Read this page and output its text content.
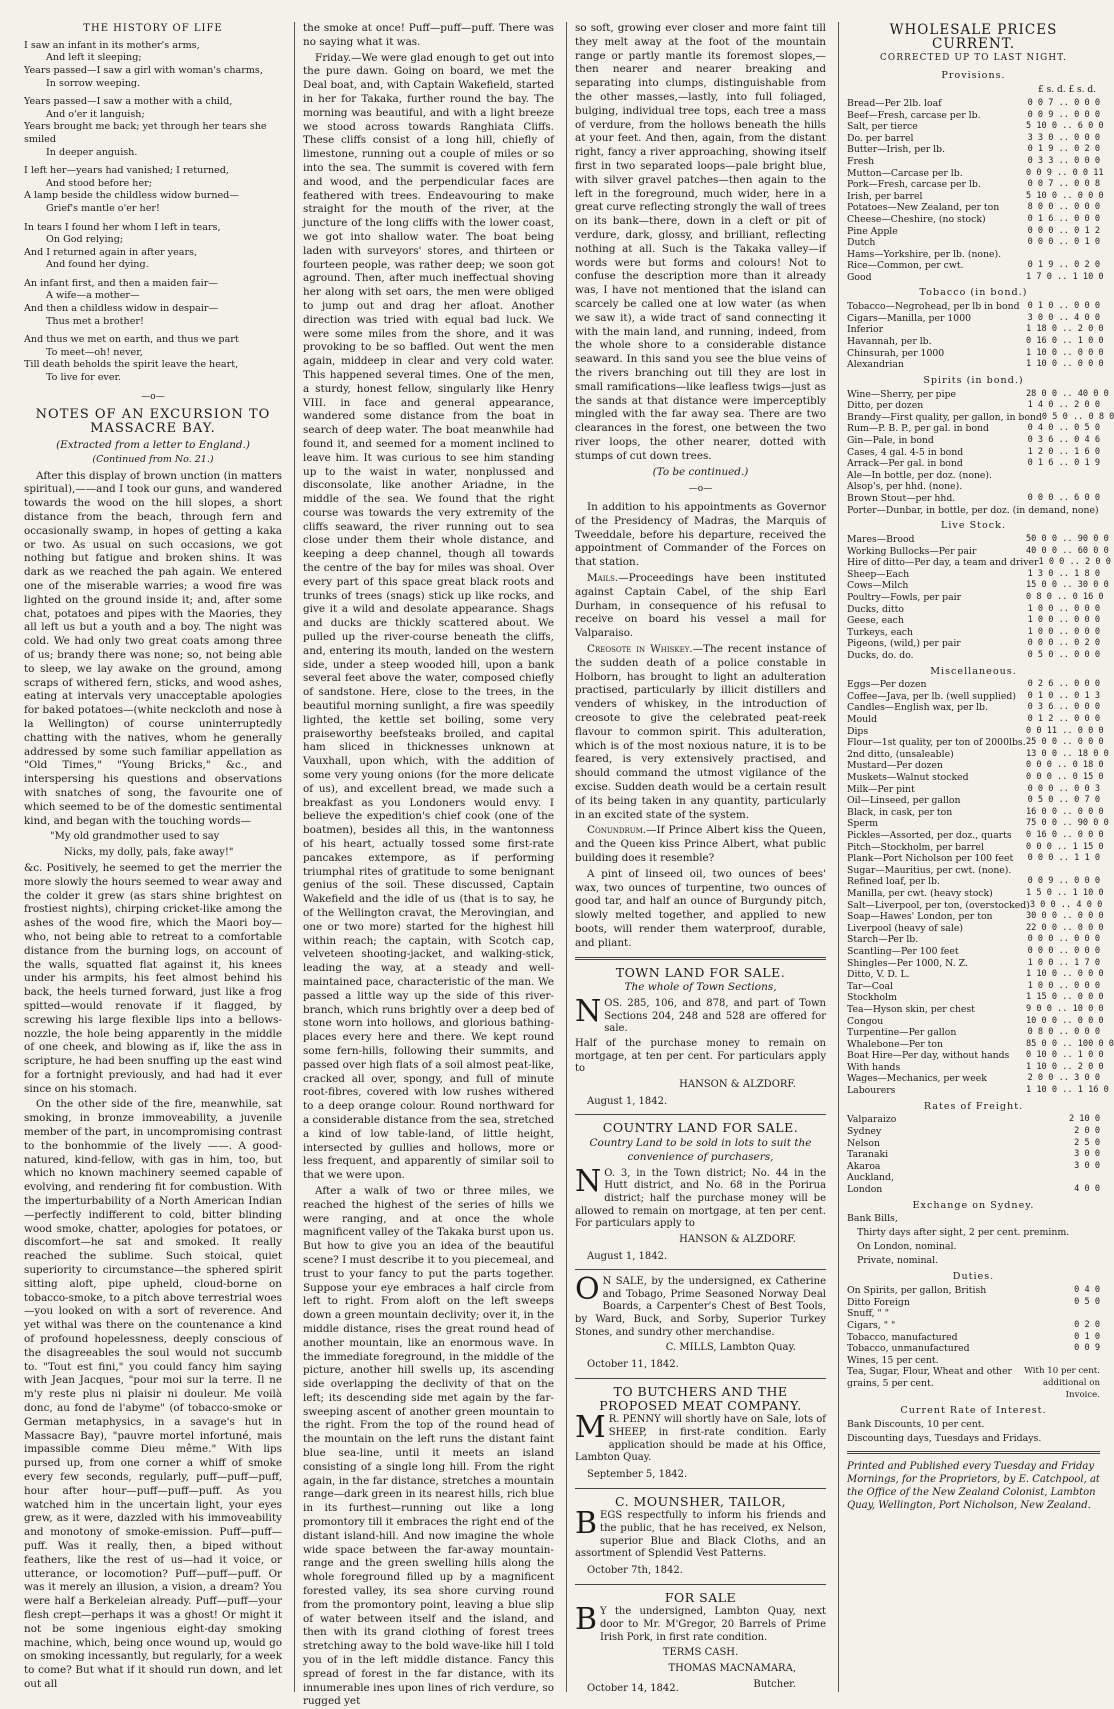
THE HISTORY OF LIFE

I saw an infant in its mother's arms,

And left it sleeping;

Years passed—I saw a girl with woman's charms,

In sorrow weeping.

Years passed—I saw a mother with a child,

And o'er it languish;

Years brought me back; yet through her tears she smiled

In deeper anguish.

I left her—years had vanished; I returned,

And stood before her;

A lamp beside the childless widow burned—

Grief's mantle o'er her!

In tears I found her whom I left in tears,

On God relying;

And I returned again in after years,

And found her dying.

An infant first, and then a maiden fair—

A wife—a mother—

And then a childless widow in despair—

Thus met a brother!

And thus we met on earth, and thus we part

To meet—oh! never,

Till death beholds the spirit leave the heart,

To live for ever.

—o—
NOTES OF AN EXCURSION TO MASSACRE BAY.
(Extracted from a letter to England.)
(Continued from No. 21.)

After this display of brown unction (in matters spiritual),——and I took our guns, and wandered towards the wood on the hill slopes, a short distance from the beach, through fern and occasionally swamp, in hopes of getting a kaka or two. As usual on such occasions, we got nothing but fatigue and broken shins. It was dark as we reached the pah again. We entered one of the miserable warries; a wood fire was lighted on the ground inside it; and, after some chat, potatoes and pipes with the Maories, they all left us but a youth and a boy. The night was cold. We had only two great coats among three of us; brandy there was none; so, not being able to sleep, we lay awake on the ground, among scraps of withered fern, sticks, and wood ashes, eating at intervals very unacceptable apologies for baked potatoes—(white neckcloth and nose à la Wellington) of course uninterruptedly chatting with the natives, whom he generally addressed by some such familiar appellation as "Old Times," "Young Bricks," &c., and interspersing his questions and observations with snatches of song, the favourite one of which seemed to be of the domestic sentimental kind, and began with the touching words—

"My old grandmother used to say

Nicks, my dolly, pals, fake away!"

&c. Positively, he seemed to get the merrier the more slowly the hours seemed to wear away and the colder it grew (as stars shine brightest on frostiest nights), chirping cricket-like among the ashes of the wood fire, which the Maori boy—who, not being able to retreat to a comfortable distance from the burning logs, on account of the walls, squatted flat against it, his knees under his armpits, his feet almost behind his back, the heels turned forward, just like a frog spitted—would renovate if it flagged, by screwing his large flexible lips into a bellows-nozzle, the hole being apparently in the middle of one cheek, and blowing as if, like the ass in scripture, he had been snuffing up the east wind for a fortnight previously, and had had it ever since on his stomach.

On the other side of the fire, meanwhile, sat smoking, in bronze immoveability, a juvenile member of the part, in uncompromising contrast to the bonhommie of the lively ——. A good-natured, kind-fellow, with gas in him, too, but which no known machinery seemed capable of evolving, and rendering fit for combustion. With the imperturbability of a North American Indian—perfectly indifferent to cold, bitter blinding wood smoke, chatter, apologies for potatoes, or discomfort—he sat and smoked. It really reached the sublime. Such stoical, quiet superiority to circumstance—the sphered spirit sitting aloft, pipe upheld, cloud-borne on tobacco-smoke, to a pitch above terrestrial woes—you looked on with a sort of reverence. And yet withal was there on the countenance a kind of profound hopelessness, deeply conscious of the disagreeables the soul would not succumb to. "Tout est fini," you could fancy him saying with Jean Jacques, "pour moi sur la terre. Il ne m'y reste plus ni plaisir ni douleur. Me voilà donc, au fond de l'abyme" (of tobacco-smoke or German metaphysics, in a savage's hut in Massacre Bay), "pauvre mortel infortuné, mais impassible comme Dieu même." With lips pursed up, from one corner a whiff of smoke every few seconds, regularly, puff—puff—puff, hour after hour—puff—puff—puff. As you watched him in the uncertain light, your eyes grew, as it were, dazzled with his immoveability and monotony of smoke-emission. Puff—puff—puff. Was it really, then, a biped without feathers, like the rest of us—had it voice, or utterance, or locomotion? Puff—puff—puff. Or was it merely an illusion, a vision, a dream? You were half a Berkeleian already. Puff—puff—your flesh crept—perhaps it was a ghost! Or might it not be some ingenious eight-day smoking machine, which, being once wound up, would go on smoking incessantly, but regularly, for a week to come? But what if it should run down, and let out all

the smoke at once! Puff—puff—puff. There was no saying what it was.

Friday.—We were glad enough to get out into the pure dawn. Going on board, we met the Deal boat, and, with Captain Wakefield, started in her for Takaka, further round the bay. The morning was beautiful, and with a light breeze we stood across towards Ranghiata Cliffs. These cliffs consist of a long hill, chiefly of limestone, running out a couple of miles or so into the sea. The summit is covered with fern and wood, and the perpendicular faces are feathered with trees. Endeavouring to make straight for the mouth of the river, at the juncture of the long cliffs with the lower coast, we got into shallow water. The boat being laden with surveyors' stores, and thirteen or fourteen people, was rather deep; we soon got aground. Then, after much ineffectual shoving her along with set oars, the men were obliged to jump out and drag her afloat. Another direction was tried with equal bad luck. We were some miles from the shore, and it was provoking to be so baffled. Out went the men again, middeep in clear and very cold water. This happened several times. One of the men, a sturdy, honest fellow, singularly like Henry VIII. in face and general appearance, wandered some distance from the boat in search of deep water. The boat meanwhile had found it, and seemed for a moment inclined to leave him. It was curious to see him standing up to the waist in water, nonplussed and disconsolate, like another Ariadne, in the middle of the sea. We found that the right course was towards the very extremity of the cliffs seaward, the river running out to sea close under them their whole distance, and keeping a deep channel, though all towards the centre of the bay for miles was shoal. Over every part of this space great black roots and trunks of trees (snags) stick up like rocks, and give it a wild and desolate appearance. Shags and ducks are thickly scattered about. We pulled up the river-course beneath the cliffs, and, entering its mouth, landed on the western side, under a steep wooded hill, upon a bank several feet above the water, composed chiefly of sandstone. Here, close to the trees, in the beautiful morning sunlight, a fire was speedily lighted, the kettle set boiling, some very praiseworthy beefsteaks broiled, and capital ham sliced in thicknesses unknown at Vauxhall, upon which, with the addition of some very young onions (for the more delicate of us), and excellent bread, we made such a breakfast as you Londoners would envy. I believe the expedition's chief cook (one of the boatmen), besides all this, in the wantonness of his heart, actually tossed some first-rate pancakes extempore, as if performing triumphal rites of gratitude to some benignant genius of the soil. These discussed, Captain Wakefield and the idle of us (that is to say, he of the Wellington cravat, the Merovingian, and one or two more) started for the highest hill within reach; the captain, with Scotch cap, velveteen shooting-jacket, and walking-stick, leading the way, at a steady and well-maintained pace, characteristic of the man. We passed a little way up the side of this river-branch, which runs brightly over a deep bed of stone worn into hollows, and glorious bathing-places every here and there. We kept round some fern-hills, following their summits, and passed over high flats of a soil almost peat-like, cracked all over, spongy, and full of minute root-fibres, covered with low rushes withered to a deep orange colour. Round northward for a considerable distance from the sea, stretched a kind of low table-land, of little height, intersected by gullies and hollows, more or less frequent, and apparently of similar soil to that we were upon.

After a walk of two or three miles, we reached the highest of the series of hills we were ranging, and at once the whole magnificent valley of the Takaka burst upon us. But how to give you an idea of the beautiful scene? I must describe it to you piecemeal, and trust to your fancy to put the parts together. Suppose your eye embraces a half circle from left to right. From aloft on the left sweeps down a green mountain declivity; over it, in the middle distance, rises the great round head of another mountain, like an enormous wave. In the immediate foreground, in the middle of the picture, another hill swells up, its ascending side overlapping the declivity of that on the left; its descending side met again by the far-sweeping ascent of another green mountain to the right. From the top of the round head of the mountain on the left runs the distant faint blue sea-line, until it meets an island consisting of a single long hill. From the right again, in the far distance, stretches a mountain range—dark green in its nearest hills, rich blue in its furthest—running out like a long promontory till it embraces the right end of the distant island-hill. And now imagine the whole wide space between the far-away mountain-range and the green swelling hills along the whole foreground filled up by a magnificent forested valley, its sea shore curving round from the promontory point, leaving a blue slip of water between itself and the island, and then with its grand clothing of forest trees stretching away to the bold wave-like hill I told you of in the left middle distance. Fancy this spread of forest in the far distance, with its innumerable ines upon lines of rich verdure, so rugged yet

so soft, growing ever closer and more faint till they melt away at the foot of the mountain range or partly mantle its foremost slopes,—then nearer and nearer breaking and separating into clumps, distinguishable from the other masses,—lastly, into full foliaged, bulging, individual tree tops, each tree a mass of verdure, from the hollows beneath the hills at your feet. And then, again, from the distant right, fancy a river approaching, showing itself first in two separated loops—pale bright blue, with silver gravel patches—then again to the left in the foreground, much wider, here in a great curve reflecting strongly the wall of trees on its bank—there, down in a cleft or pit of verdure, dark, glossy, and brilliant, reflecting nothing at all. Such is the Takaka valley—if words were but forms and colours! Not to confuse the description more than it already was, I have not mentioned that the island can scarcely be called one at low water (as when we saw it), a wide tract of sand connecting it with the main land, and running, indeed, from the whole shore to a considerable distance seaward. In this sand you see the blue veins of the rivers branching out till they are lost in small ramifications—like leafless twigs—just as the sands at that distance were imperceptibly mingled with the far away sea. There are two clearances in the forest, one between the two river loops, the other nearer, dotted with stumps of cut down trees.

(To be continued.)

—o—

In addition to his appointments as Governor of the Presidency of Madras, the Marquis of Tweeddale, before his departure, received the appointment of Commander of the Forces on that station.

Mails.—Proceedings have been instituted against Captain Cabel, of the ship Earl Durham, in consequence of his refusal to receive on board his vessel a mail for Valparaiso.

Creosote in Whiskey.—The recent instance of the sudden death of a police constable in Holborn, has brought to light an adulteration practised, particularly by illicit distillers and venders of whiskey, in the introduction of creosote to give the celebrated peat-reek flavour to common spirit. This adulteration, which is of the most noxious nature, it is to be feared, is very extensively practised, and should command the utmost vigilance of the excise. Sudden death would be a certain result of its being taken in any quantity, particularly in an excited state of the system.

Conundrum.—If Prince Albert kiss the Queen, and the Queen kiss Prince Albert, what public building does it resemble?

A pint of linseed oil, two ounces of bees' wax, two ounces of turpentine, two ounces of good tar, and half an ounce of Burgundy pitch, slowly melted together, and applied to new boots, will render them waterproof, durable, and pliant.

TOWN LAND FOR SALE.
The whole of Town Sections,

NOS. 285, 106, and 878, and part of Town Sections 204, 248 and 528 are offered for sale.

Half of the purchase money to remain on mortgage, at ten per cent. For particulars apply to

HANSON & ALZDORF.

August 1, 1842.

COUNTRY LAND FOR SALE.
Country Land to be sold in lots to suit the convenience of purchasers,

N O. 3, in the Town district; No. 44 in the Hutt district, and No. 68 in the Porirua district; half the purchase money will be allowed to remain on mortgage, at ten per cent. For particulars apply to

HANSON & ALZDORF.

August 1, 1842.

O N SALE, by the undersigned, ex Catherine and Tobago, Prime Seasoned Norway Deal Boards, a Carpenter's Chest of Best Tools, by Ward, Buck, and Sorby, Superior Turkey Stones, and sundry other merchandise.

C. MILLS, Lambton Quay.

October 11, 1842.

TO BUTCHERS AND THE PROPOSED MEAT COMPANY.

M R. PENNY will shortly have on Sale, lots of SHEEP, in first-rate condition. Early application should be made at his Office, Lambton Quay.

September 5, 1842.

C. MOUNSHER, TAILOR,

BEGS respectfully to inform his friends and the public, that he has received, ex Nelson, superior Blue and Black Cloths, and an assortment of Splendid Vest Patterns.

October 7th, 1842.

FOR SALE

B Y the undersigned, Lambton Quay, next door to Mr. M'Gregor, 20 Barrels of Prime Irish Pork, in first rate condition.

TERMS CASH.

THOMAS MACNAMARA,

Butcher.

October 14, 1842.

WHOLESALE PRICES CURRENT.
CORRECTED UP TO LAST NIGHT.
Provisions.
£ s. d. £ s. d.
Bread—Per 2lb. loaf	0 0 7 .. 0 0 0
Beef—Fresh, carcase per lb.	0 0 9 .. 0 0 0
Salt, per tierce	5 10 0 .. 6 0 0
Do. per barrel	3 3 0 .. 0 0 0
Butter—Irish, per lb.	0 1 9 .. 0 2 0
Fresh	0 3 3 .. 0 0 0
Mutton—Carcase per lb.	0 0 9 .. 0 0 11
Pork—Fresh, carcase per lb.	0 0 7 .. 0 0 8
Irish, per barrel	5 10 0 .. 0 0 0
Potatoes—New Zealand, per ton	8 0 0 .. 0 0 0
Cheese—Cheshire, (no stock)	0 1 6 .. 0 0 0
Pine Apple	0 0 0 .. 0 1 2
Dutch	0 0 0 .. 0 1 0
Hams—Yorkshire, per lb. (none).
Rice—Common, per cwt.	0 1 9 .. 0 2 0
Good	1 7 0 .. 1 10 0
Tobacco (in bond.)
Tobacco—Negrohead, per lb in bond 0 1 0 .. 0 0 0
Cigars—Manilla, per 1000	3 0 0 .. 4 0 0
Inferior	1 18 0 .. 2 0 0
Havannah, per lb.	0 16 0 .. 1 0 0
Chinsurah, per 1000	1 10 0 .. 0 0 0
Alexandrian	1 10 0 .. 0 0 0
Spirits (in bond.)
Wine—Sherry, per pipe	28 0 0 .. 40 0 0
Ditto, per dozen	1 4 0 .. 2 0 0
Brandy—First quality, per gallon, in bond 0 5 0 .. 0 8 0
Rum—P. B. P., per gal. in bond	0 4 0 .. 0 5 0
Gin—Pale, in bond	0 3 6 .. 0 4 6
Cases, 4 gal. 4-5 in bond	1 2 0 .. 1 6 0
Arrack—Per gal. in bond	0 1 6 .. 0 1 9
Ale—In bottle, per doz. (none).
Alsop's, per hhd. (none).
Brown Stout—per hhd.	0 0 0 .. 6 0 0
Porter—Dunbar, in bottle, per doz. (in demand, none)
Live Stock.
Mares—Brood	50 0 0 .. 90 0 0
Working Bullocks—Per pair	40 0 0 .. 60 0 0
Hire of ditto—Per day, a team and driver 1 0 0 .. 2 0 0
Sheep—Each	1 3 0 .. 1 8 0
Cows—Milch	15 0 0 .. 30 0 0
Poultry—Fowls, per pair	0 8 0 .. 0 16 0
Ducks, ditto	1 0 0 .. 0 0 0
Geese, each	1 0 0 .. 0 0 0
Turkeys, each	1 0 0 .. 0 0 0
Pigeons, (wild,) per pair	0 0 0 .. 0 2 0
Ducks, do. do.	0 5 0 .. 0 0 0
Miscellaneous.
Eggs—Per dozen	0 2 6 .. 0 0 0
Coffee—Java, per lb. (well supplied)	0 1 0 .. 0 1 3
Candles—English wax, per lb.	0 3 6 .. 0 0 0
Mould	0 1 2 .. 0 0 0
Dips	0 0 11 .. 0 0 0
Flour—1st quality, per ton of 2000lbs. 25 0 0 .. 0 0 0
2nd ditto, (unsaleable)	13 0 0 .. 18 0 0
Mustard—Per dozen	0 0 0 .. 0 18 0
Muskets—Walnut stocked	0 0 0 .. 0 15 0
Milk—Per pint	0 0 0 .. 0 0 3
Oil—Linseed, per gallon	0 5 0 .. 0 7 0
Black, in cask, per ton	16 0 0 .. 0 0 0
Sperm	75 0 0 .. 90 0 0
Pickles—Assorted, per doz., quarts	0 16 0 .. 0 0 0
Pitch—Stockholm, per barrel	0 0 0 .. 1 15 0
Plank—Port Nicholson per 100 feet	0 0 0 .. 1 1 0
Sugar—Mauritius, per cwt. (none).
Refined loaf, per lb.	0 0 9 .. 0 0 0
Manilla, per cwt. (heavy stock)	1 5 0 .. 1 10 0
Salt—Liverpool, per ton, (overstocked) 3 0 0 .. 4 0 0
Soap—Hawes' London, per ton	30 0 0 .. 0 0 0
Liverpool (heavy of sale)	22 0 0 .. 0 0 0
Starch—Per lb.	0 0 0 .. 0 0 0
Scantling—Per 100 feet	0 0 0 .. 0 0 0
Shingles—Per 1000, N. Z.	1 0 0 .. 1 7 0
Ditto, V. D. L.	1 10 0 .. 0 0 0
Tar—Coal	1 0 0 .. 0 0 0
Stockholm	1 15 0 .. 0 0 0
Tea—Hyson skin, per chest	9 0 0 .. 10 0 0
Congou	10 0 0 .. 0 0 0
Turpentine—Per gallon	0 8 0 .. 0 0 0
Whalebone—Per ton	85 0 0 .. 100 0 0
Boat Hire—Per day, without hands	0 10 0 .. 1 0 0
With hands	1 10 0 .. 2 0 0
Wages—Mechanics, per week	2 0 0 .. 3 0 0
Labourers	1 10 0 .. 1 16 0
Rates of Freight.
Valparaizo	2 10 0
Sydney	2 0 0
Nelson	2 5 0
Taranaki	3 0 0
Akaroa	3 0 0
Auckland,
London	4 0 0
Exchange on Sydney.

Bank Bills,

Thirty days after sight, 2 per cent. preminm.

On London, nominal.

Private, nominal.

Duties.
On Spirits, per gallon, British	0 4 0
Ditto Foreign	0 5 0
Snuff, " "
Cigars, " "	0 2 0
Tobacco, manufactured	0 1 0
Tobacco, unmanufactured	0 0 9
Wines, 15 per cent.
Tea, Sugar, Flour, Wheat and other grains, 5 per cent.
With 10 per cent. additional on Invoice.
Current Rate of Interest.

Bank Discounts, 10 per cent.

Discounting days, Tuesdays and Fridays.

Printed and Published every Tuesday and Friday Mornings, for the Proprietors, by E. Catchpool, at the Office of the New Zealand Colonist, Lambton Quay, Wellington, Port Nicholson, New Zealand.
